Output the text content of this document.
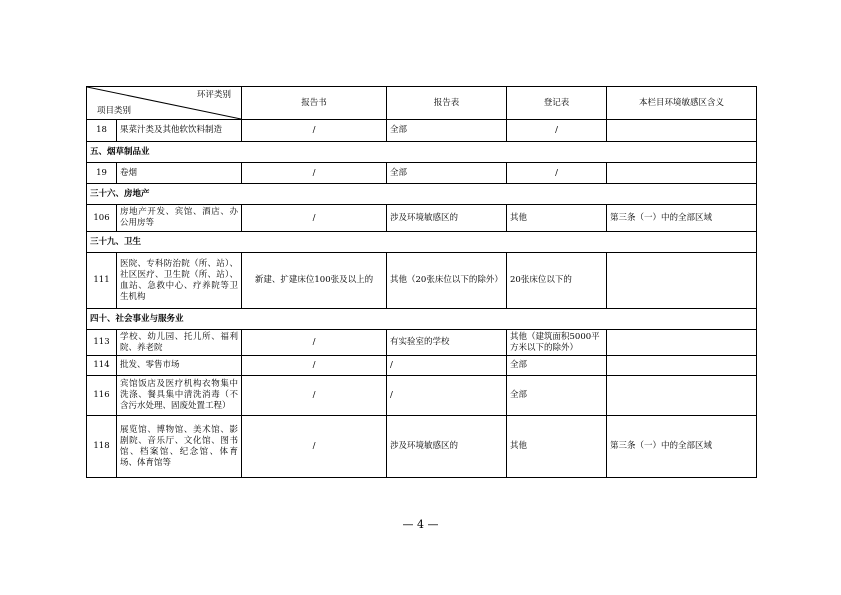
环评类别
项目类别		报告书	报告表	登记表	本栏目环境敏感区含义
18	果菜汁类及其他软饮料制造	/	全部	/	
五、烟草制品业					
19	卷烟	/	全部	/	
三十六、房地产					
106	房地产开发、宾馆、酒店、办公用房等	/	涉及环境敏感区的	其他	第三条（一）中的全部区域
三十九、卫生					
111	医院、专科防治院（所、站）、社区医疗、卫生院（所、站）、血站、急救中心、疗养院等卫生机构	新建、扩建床位100张及以上的	其他（20张床位以下的除外）	20张床位以下的	
四十、社会事业与服务业					
113	学校、幼儿园、托儿所、福利院、养老院	/	有实验室的学校	其他（建筑面积5000平方米以下的除外）	
114	批发、零售市场	/	/	全部	
116	宾馆饭店及医疗机构衣物集中洗涤、餐具集中清洗消毒（不含污水处理、固废处置工程）	/	/	全部	
118	展览馆、博物馆、美术馆、影剧院、音乐厅、文化馆、图书馆、档案馆、纪念馆、体育场、体育馆等	/	涉及环境敏感区的	其他	第三条（一）中的全部区域
— 4 —
